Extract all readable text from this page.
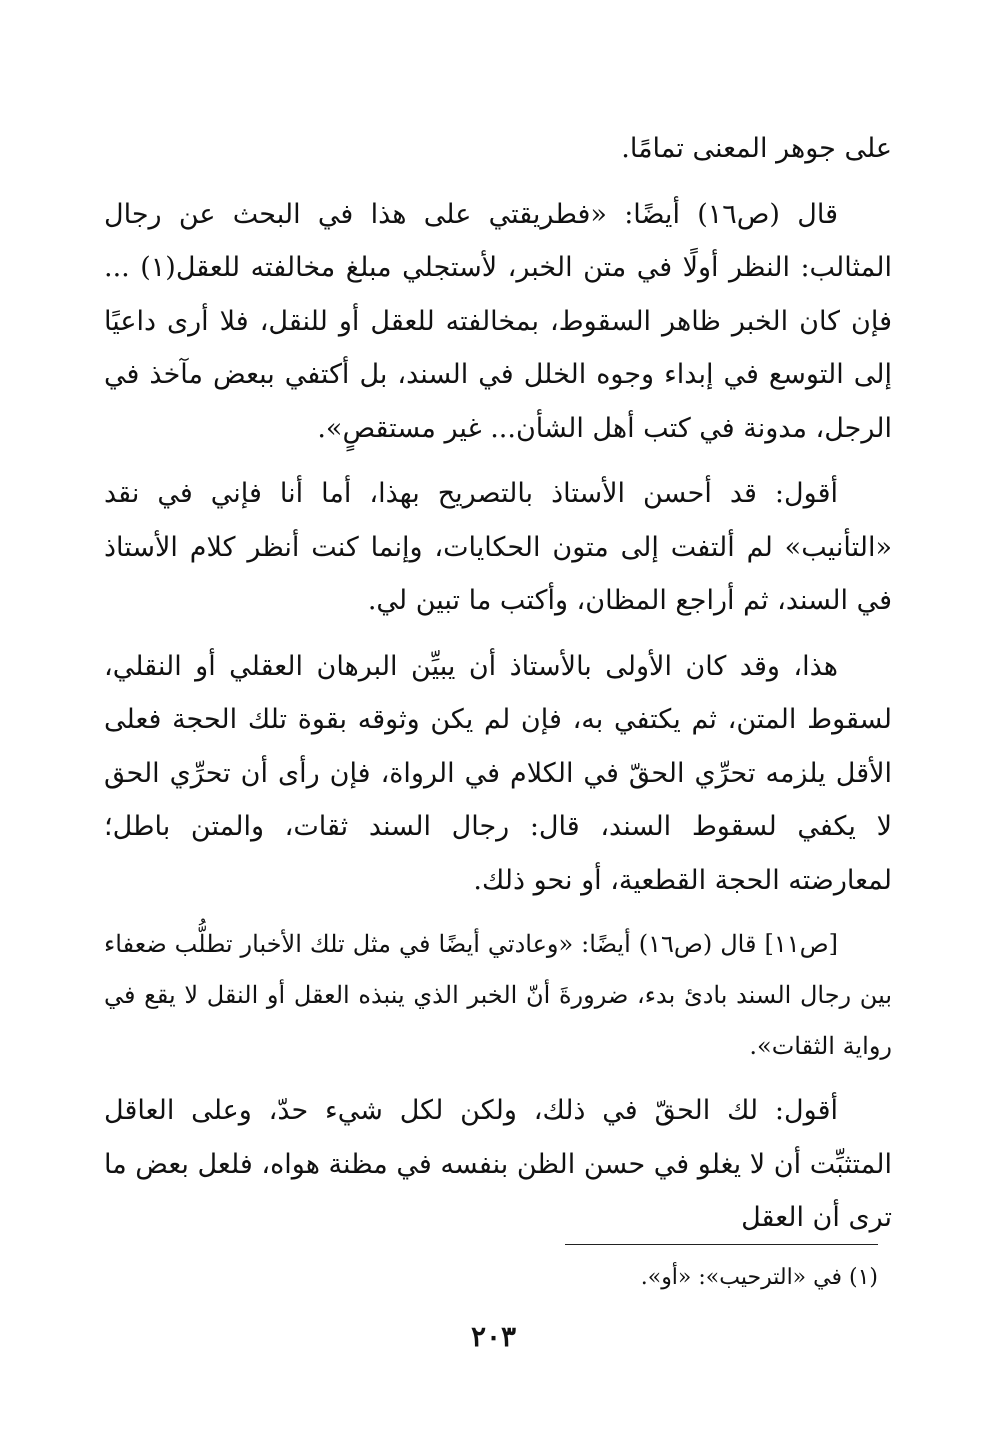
على جوهر المعنى تمامًا.

قال (ص١٦) أيضًا: «فطريقتي على هذا في البحث عن رجال المثالب: النظر أولًا في متن الخبر، لأستجلي مبلغ مخالفته للعقل(١) ... فإن كان الخبر ظاهر السقوط، بمخالفته للعقل أو للنقل، فلا أرى داعيًا إلى التوسع في إبداء وجوه الخلل في السند، بل أكتفي ببعض مآخذ في الرجل، مدونة في كتب أهل الشأن... غير مستقصٍ».

أقول: قد أحسن الأستاذ بالتصريح بهذا، أما أنا فإني في نقد «التأنيب» لم ألتفت إلى متون الحكايات، وإنما كنت أنظر كلام الأستاذ في السند، ثم أراجع المظان، وأكتب ما تبين لي.

هذا، وقد كان الأولى بالأستاذ أن يبيِّن البرهان العقلي أو النقلي، لسقوط المتن، ثم يكتفي به، فإن لم يكن وثوقه بقوة تلك الحجة فعلى الأقل يلزمه تحرِّي الحقّ في الكلام في الرواة، فإن رأى أن تحرِّي الحق لا يكفي لسقوط السند، قال: رجال السند ثقات، والمتن باطل؛ لمعارضته الحجة القطعية، أو نحو ذلك.

[ص١١] قال (ص١٦) أيضًا: «وعادتي أيضًا في مثل تلك الأخبار تطلُّب ضعفاء بين رجال السند بادئ بدء، ضرورةَ أنّ الخبر الذي ينبذه العقل أو النقل لا يقع في رواية الثقات».

أقول: لك الحقّ في ذلك، ولكن لكل شيء حدّ، وعلى العاقل المتثبِّت أن لا يغلو في حسن الظن بنفسه في مظنة هواه، فلعل بعض ما ترى أن العقل

(١) في «الترحيب»: «أو».
٢٠٣
